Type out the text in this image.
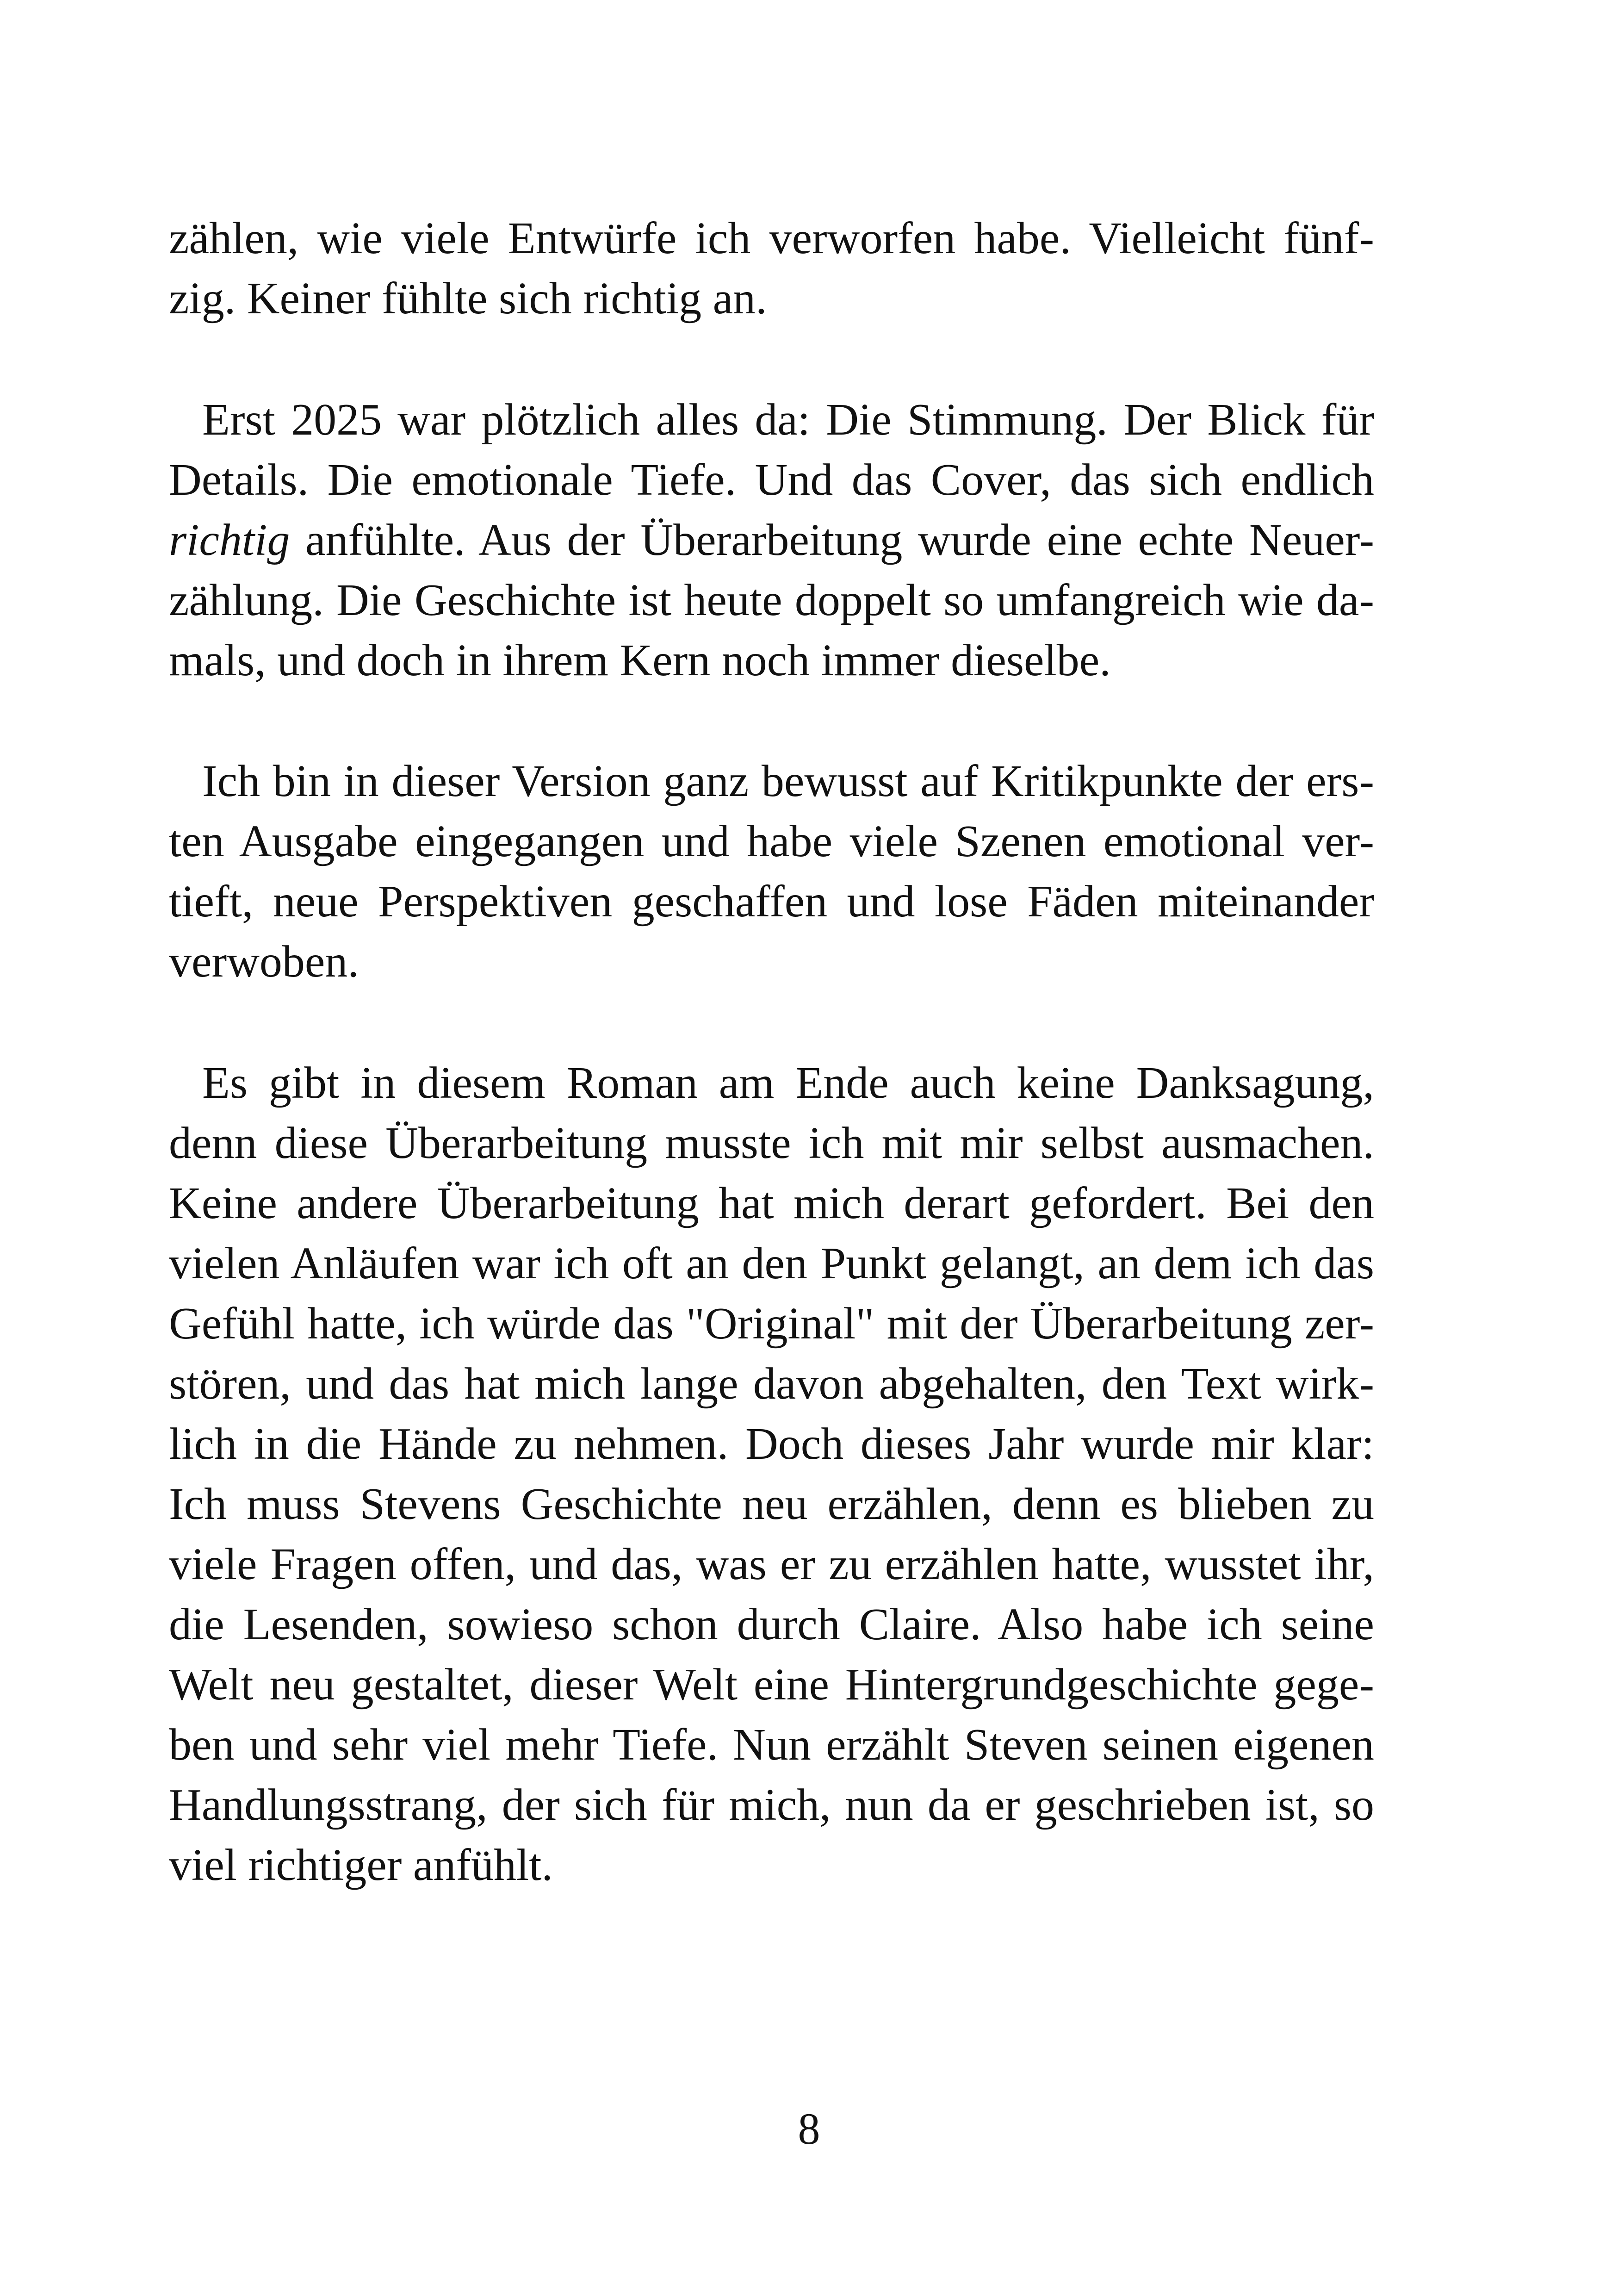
zählen, wie viele Entwürfe ich verworfen habe. Vielleicht fünf-zig. Keiner fühlte sich richtig an.

Erst 2025 war plötzlich alles da: Die Stimmung. Der Blick für Details. Die emotionale Tiefe. Und das Cover, das sich endlich richtig anfühlte. Aus der Überarbeitung wurde eine echte Neuer-zählung. Die Geschichte ist heute doppelt so umfangreich wie da-mals, und doch in ihrem Kern noch immer dieselbe.

Ich bin in dieser Version ganz bewusst auf Kritikpunkte der ers-ten Ausgabe eingegangen und habe viele Szenen emotional ver-tieft, neue Perspektiven geschaffen und lose Fäden miteinander verwoben.

Es gibt in diesem Roman am Ende auch keine Danksagung, denn diese Überarbeitung musste ich mit mir selbst ausmachen. Keine andere Überarbeitung hat mich derart gefordert. Bei den vielen Anläufen war ich oft an den Punkt gelangt, an dem ich das Gefühl hatte, ich würde das "Original" mit der Überarbeitung zer-stören, und das hat mich lange davon abgehalten, den Text wirk-lich in die Hände zu nehmen. Doch dieses Jahr wurde mir klar: Ich muss Stevens Geschichte neu erzählen, denn es blieben zu viele Fragen offen, und das, was er zu erzählen hatte, wusstet ihr, die Lesenden, sowieso schon durch Claire. Also habe ich seine Welt neu gestaltet, dieser Welt eine Hintergrundgeschichte gege-ben und sehr viel mehr Tiefe. Nun erzählt Steven seinen eigenen Handlungsstrang, der sich für mich, nun da er geschrieben ist, so viel richtiger anfühlt.

8
